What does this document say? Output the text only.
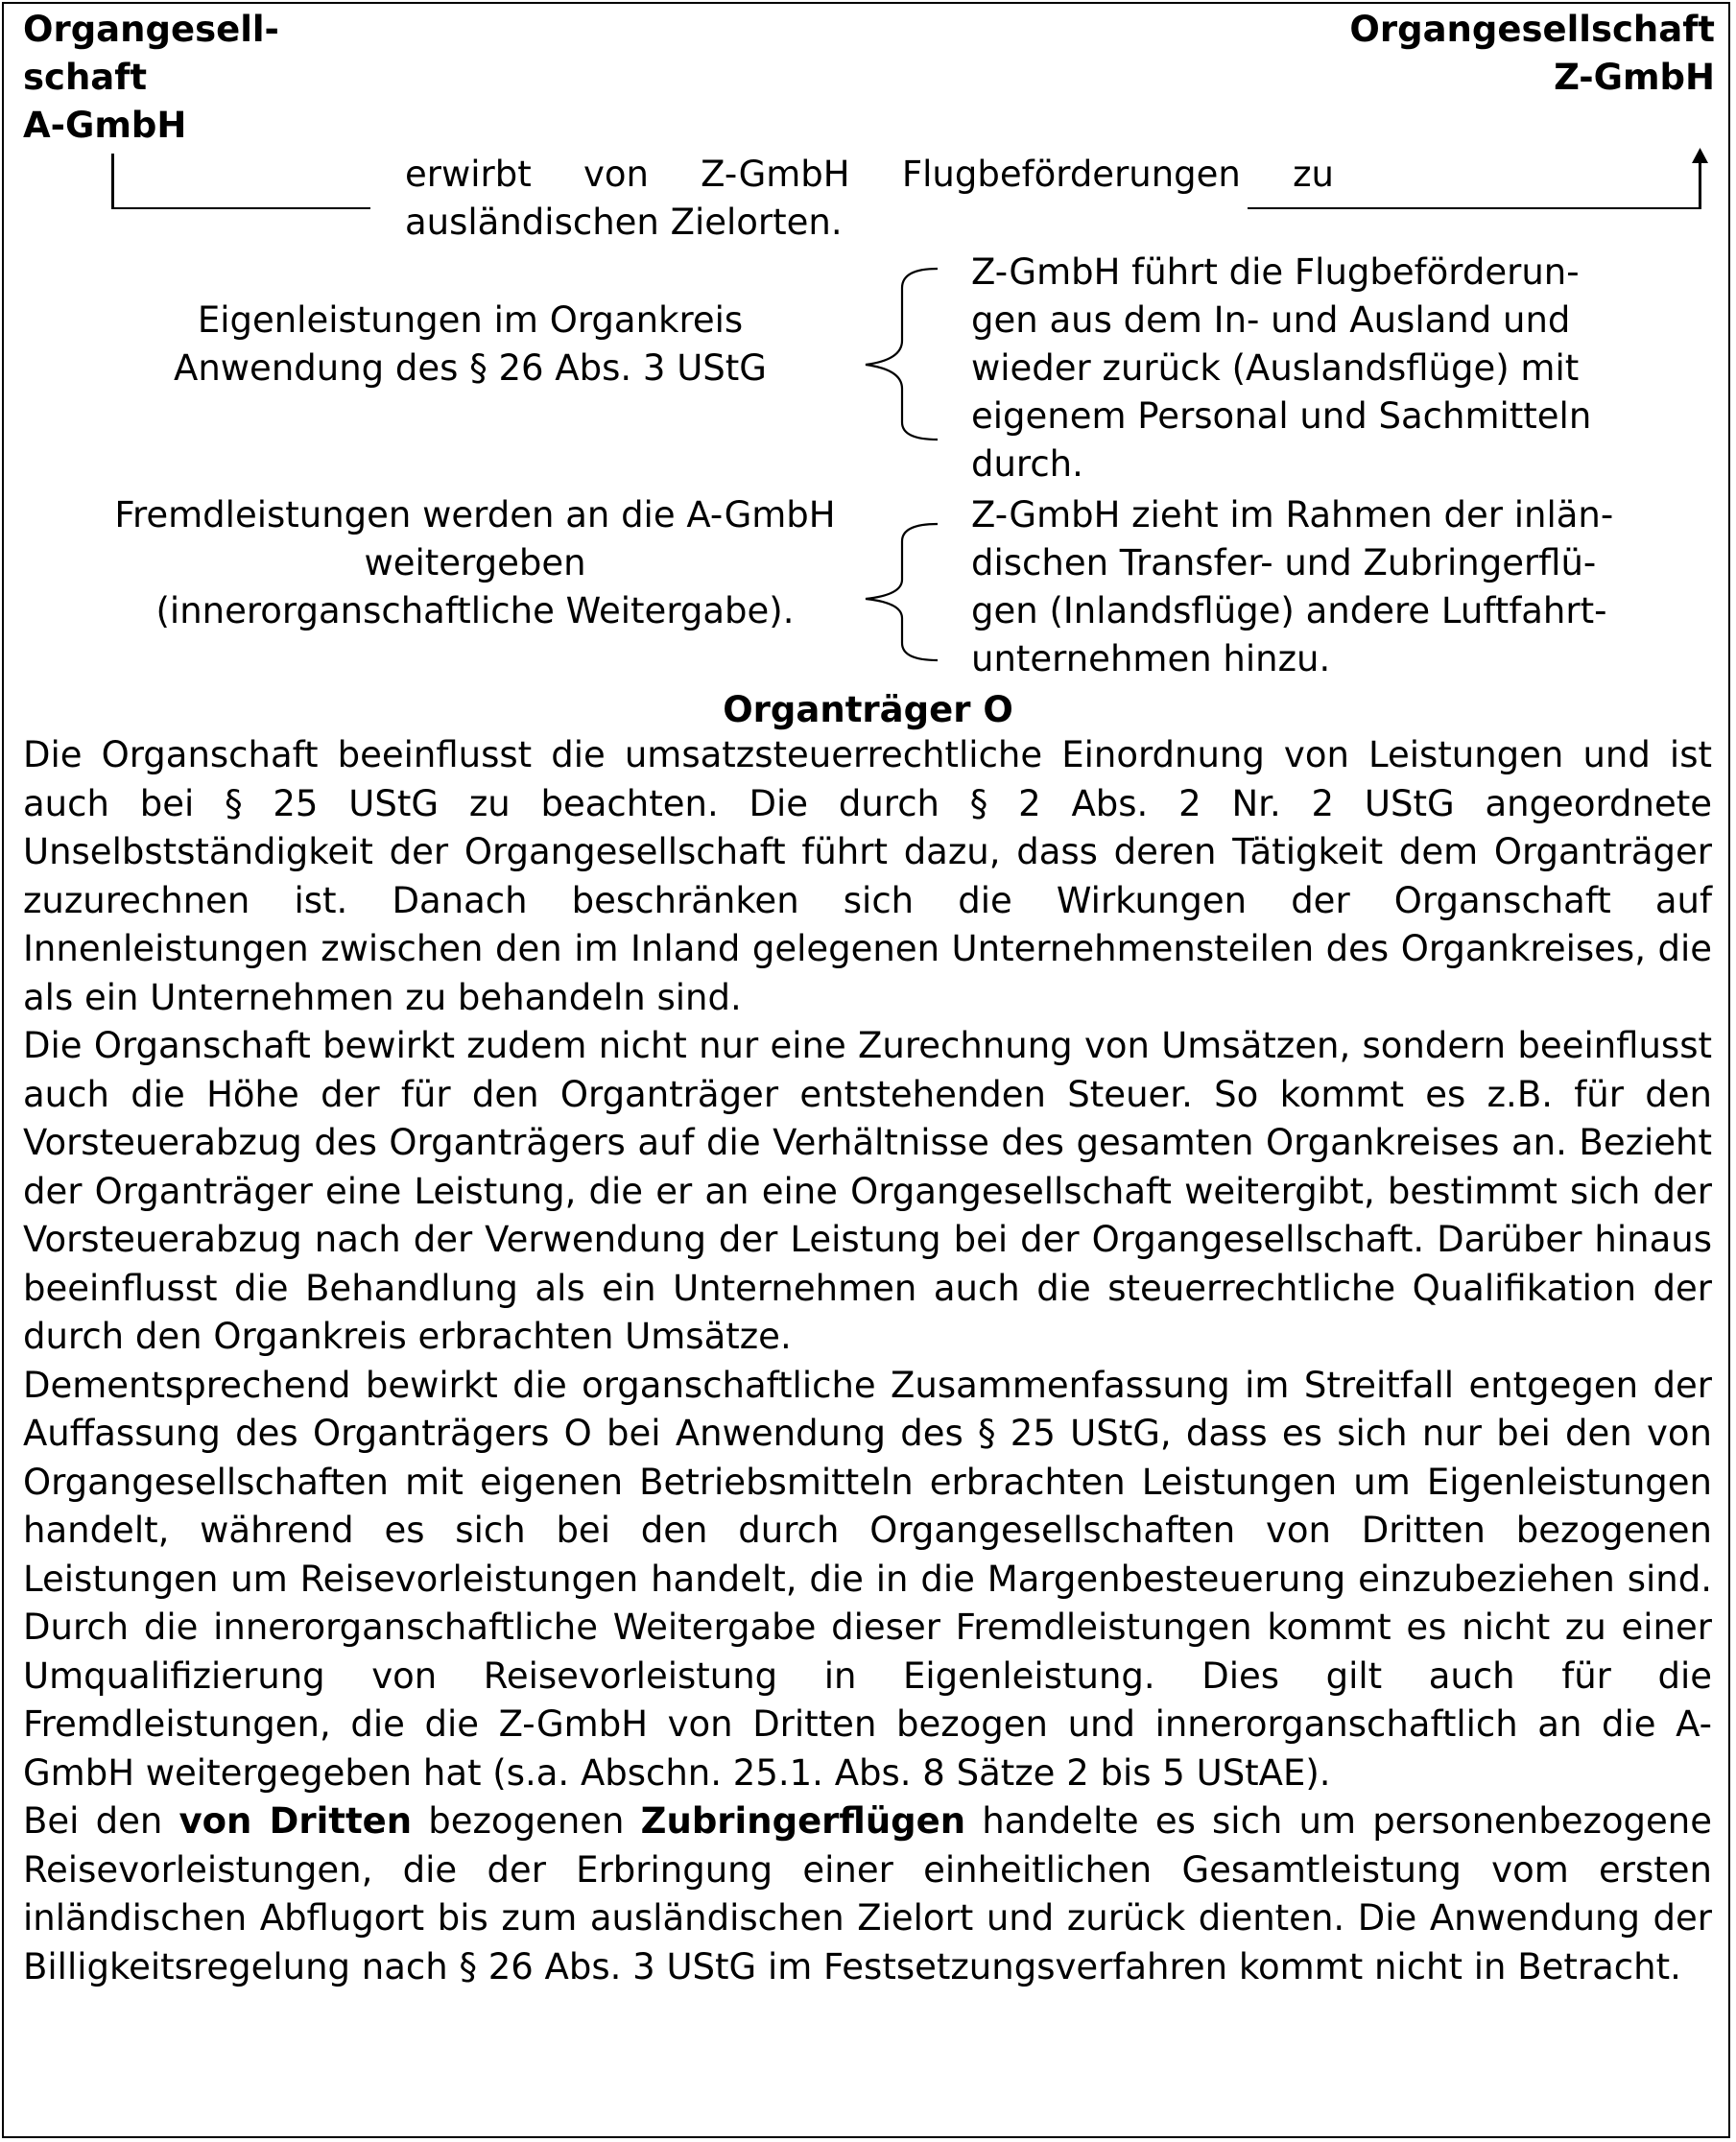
Organgesell-
schaft
A-GmbH
Organgesellschaft
Z-GmbH
erwirbt von Z-GmbH Flugbeförderungen zu
ausländischen Zielorten.
Eigenleistungen im Organkreis
Anwendung des § 26 Abs. 3 UStG
Z-GmbH führt die Flugbeförderun-
gen aus dem In- und Ausland und
wieder zurück (Auslandsflüge) mit
eigenem Personal und Sachmitteln
durch.
Fremdleistungen werden an die A-GmbH
weitergeben
(innerorganschaftliche Weitergabe).
Z-GmbH zieht im Rahmen der inlän-
dischen Transfer- und Zubringerflü-
gen (Inlandsflüge) andere Luftfahrt-
unternehmen hinzu.
Organträger O

Die Organschaft beeinflusst die umsatzsteuerrechtliche Einordnung von Leistungen und ist auch bei § 25 UStG zu beachten. Die durch § 2 Abs. 2 Nr. 2 UStG angeordnete Unselbstständigkeit der Organgesellschaft führt dazu, dass deren Tätigkeit dem Organträger zuzurechnen ist. Danach beschränken sich die Wirkungen der Organschaft auf Innenleistungen zwischen den im Inland gelegenen Unternehmensteilen des Organkreises, die als ein Unternehmen zu behandeln sind.

Die Organschaft bewirkt zudem nicht nur eine Zurechnung von Umsätzen, sondern beeinflusst auch die Höhe der für den Organträger entstehenden Steuer. So kommt es z.B. für den Vorsteuerabzug des Organträgers auf die Verhältnisse des gesamten Organkreises an. Bezieht der Organträger eine Leistung, die er an eine Organgesellschaft weitergibt, bestimmt sich der Vorsteuerabzug nach der Verwendung der Leistung bei der Organgesellschaft. Darüber hinaus beeinflusst die Behandlung als ein Unternehmen auch die steuerrechtliche Qualifikation der durch den Organkreis erbrachten Umsätze.

Dementsprechend bewirkt die organschaftliche Zusammenfassung im Streitfall entgegen der Auffassung des Organträgers O bei Anwendung des § 25 UStG, dass es sich nur bei den von Organgesellschaften mit eigenen Betriebsmitteln erbrachten Leistungen um Eigenleistungen handelt, während es sich bei den durch Organgesellschaften von Dritten bezogenen Leistungen um Reisevorleistungen handelt, die in die Margenbesteuerung einzubeziehen sind. Durch die innerorganschaftliche Weitergabe dieser Fremdleistungen kommt es nicht zu einer Umqualifizierung von Reisevorleistung in Eigenleistung. Dies gilt auch für die Fremdleistungen, die die Z-GmbH von Dritten bezogen und innerorganschaftlich an die A-GmbH weitergegeben hat (s.a. Abschn. 25.1. Abs. 8 Sätze 2 bis 5 UStAE).

Bei den von Dritten bezogenen Zubringerflügen handelte es sich um personenbezogene Reisevorleistungen, die der Erbringung einer einheitlichen Gesamtleistung vom ersten inländischen Abflugort bis zum ausländischen Zielort und zurück dienten. Die Anwendung der Billigkeitsregelung nach § 26 Abs. 3 UStG im Festsetzungsverfahren kommt nicht in Betracht.
